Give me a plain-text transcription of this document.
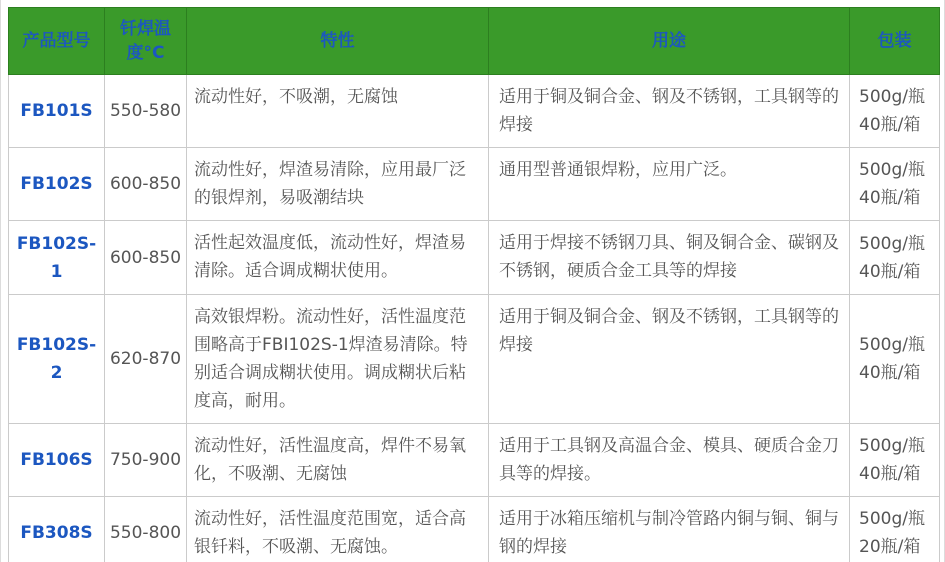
产品型号	钎焊温度°C	特性	用途	包装
FB101S	550-580	流动性好，不吸潮，无腐蚀	适用于铜及铜合金、钢及不锈钢，工具钢等的焊接	500g/瓶
40瓶/箱

FB102S	600-850	流动性好，焊渣易清除，应用最厂泛的银焊剂，易吸潮结块	通用型普通银焊粉，应用广泛。	500g/瓶
40瓶/箱

FB102S-1	600-850	活性起效温度低，流动性好，焊渣易清除。适合调成糊状使用。	适用于焊接不锈钢刀具、铜及铜合金、碳钢及不锈钢，硬质合金工具等的焊接	500g/瓶
40瓶/箱

FB102S-2	620-870	高效银焊粉。流动性好，活性温度范围略高于FBI102S-1焊渣易清除。特别适合调成糊状使用。调成糊状后粘度高，耐用。	适用于铜及铜合金、钢及不锈钢，工具钢等的焊接	500g/瓶
40瓶/箱

FB106S	750-900	流动性好，活性温度高，焊件不易氧化，不吸潮、无腐蚀	适用于工具钢及高温合金、模具、硬质合金刀具等的焊接。	500g/瓶
40瓶/箱

FB308S	550-800	流动性好，活性温度范围宽，适合高银钎料，不吸潮、无腐蚀。	适用于冰箱压缩机与制冷管路内铜与铜、铜与钢的焊接	500g/瓶
20瓶/箱
